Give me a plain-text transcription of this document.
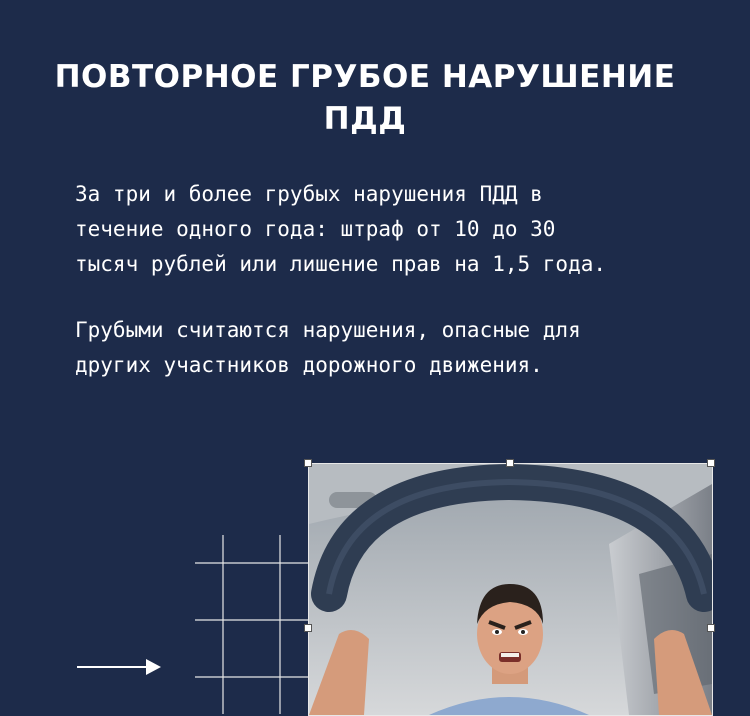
ПОВТОРНОЕ ГРУБОЕ НАРУШЕНИЕ
ПДД
За три и более грубых нарушения ПДД в
течение одного года: штраф от 10 до 30
тысяч рублей или лишение прав на 1,5 года.
Грубыми считаются нарушения, опасные для
других участников дорожного движения.
